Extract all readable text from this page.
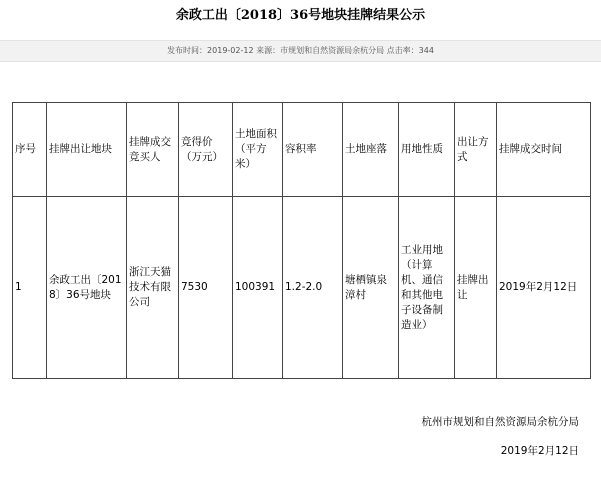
余政工出〔2018〕36号地块挂牌结果公示
发布时间：2019-02-12 来源：市规划和自然资源局余杭分局 点击率：344
序号	挂牌出让地块	挂牌成交竞买人	竞得价（万元）	土地面积（平方米）	容积率	土地座落	用地性质	出让方式	挂牌成交时间
1	余政工出〔2018〕36号地块	浙江天猫技术有限公司	7530	100391	1.2-2.0	塘栖镇泉漳村	工业用地（计算机、通信和其他电子设备制造业）	挂牌出让	2019年2月12日
杭州市规划和自然资源局余杭分局
2019年2月12日
